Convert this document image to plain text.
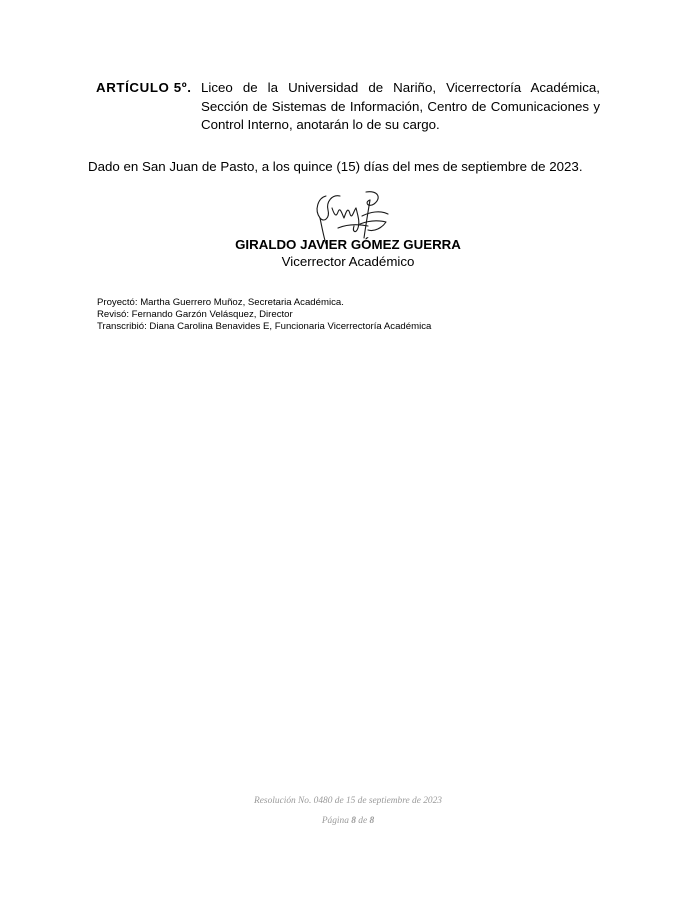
ARTÍCULO 5º. Liceo de la Universidad de Nariño, Vicerrectoría Académica, Sección de Sistemas de Información, Centro de Comunicaciones y Control Interno, anotarán lo de su cargo.
Dado en San Juan de Pasto, a los quince (15) días del mes de septiembre de 2023.
GIRALDO JAVIER GÓMEZ GUERRA
Vicerrector Académico
Proyectó: Martha Guerrero Muñoz, Secretaria Académica.
Revisó: Fernando Garzón Velásquez, Director
Transcribió: Diana Carolina Benavides E, Funcionaria Vicerrectoría Académica
Resolución No. 0480 de 15 de septiembre de 2023
Página 8 de 8
